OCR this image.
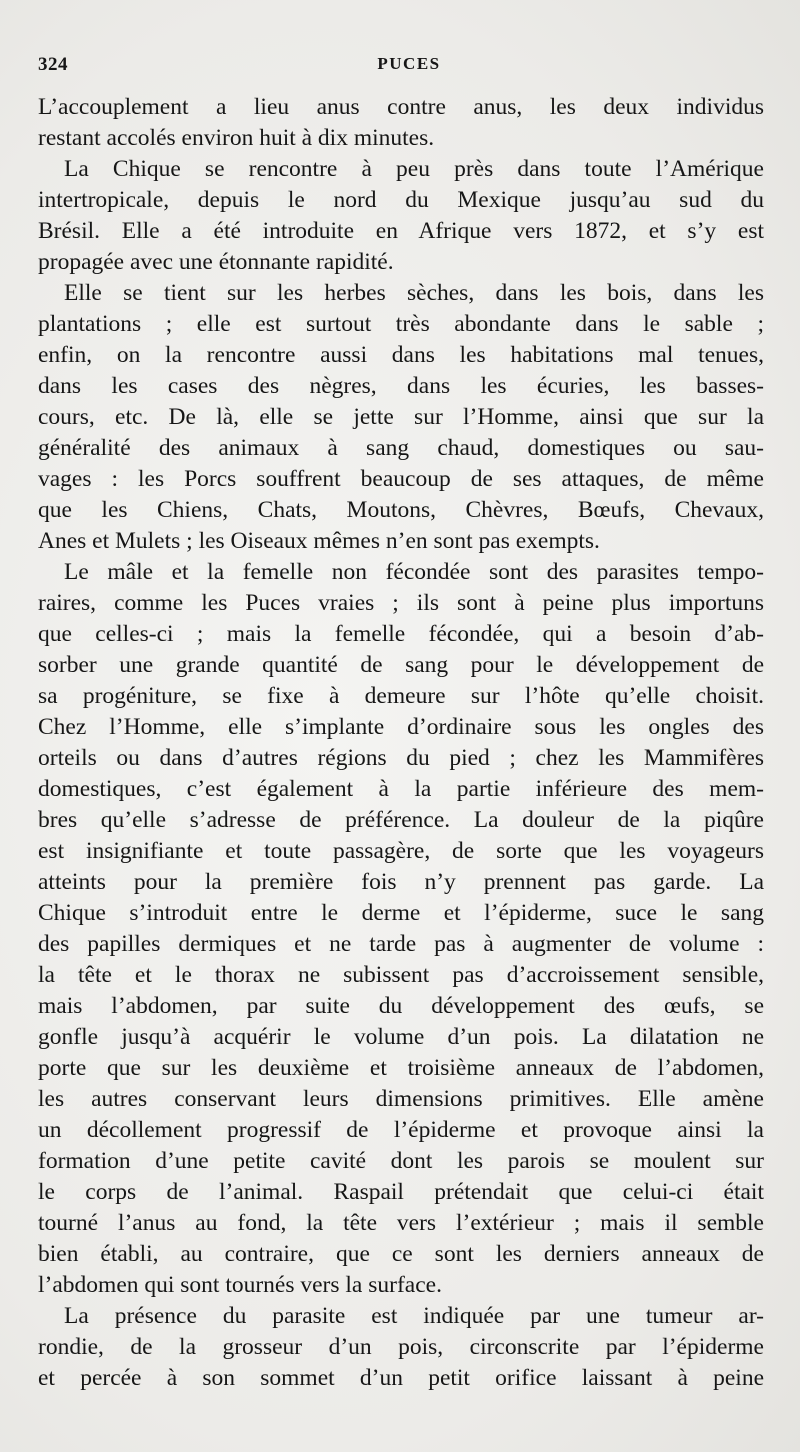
324	PUCES
L’accouplement a lieu anus contre anus, les deux individus
restant accolés environ huit à dix minutes.
La Chique se rencontre à peu près dans toute l’Amérique
intertropicale, depuis le nord du Mexique jusqu’au sud du
Brésil. Elle a été introduite en Afrique vers 1872, et s’y est
propagée avec une étonnante rapidité.
Elle se tient sur les herbes sèches, dans les bois, dans les
plantations ; elle est surtout très abondante dans le sable ;
enfin, on la rencontre aussi dans les habitations mal tenues,
dans les cases des nègres, dans les écuries, les basses-
cours, etc. De là, elle se jette sur l’Homme, ainsi que sur la
généralité des animaux à sang chaud, domestiques ou sau-
vages : les Porcs souffrent beaucoup de ses attaques, de même
que les Chiens, Chats, Moutons, Chèvres, Bœufs, Chevaux,
Anes et Mulets ; les Oiseaux mêmes n’en sont pas exempts.
Le mâle et la femelle non fécondée sont des parasites tempo-
raires, comme les Puces vraies ; ils sont à peine plus importuns
que celles-ci ; mais la femelle fécondée, qui a besoin d’ab-
sorber une grande quantité de sang pour le développement de
sa progéniture, se fixe à demeure sur l’hôte qu’elle choisit.
Chez l’Homme, elle s’implante d’ordinaire sous les ongles des
orteils ou dans d’autres régions du pied ; chez les Mammifères
domestiques, c’est également à la partie inférieure des mem-
bres qu’elle s’adresse de préférence. La douleur de la piqûre
est insignifiante et toute passagère, de sorte que les voyageurs
atteints pour la première fois n’y prennent pas garde. La
Chique s’introduit entre le derme et l’épiderme, suce le sang
des papilles dermiques et ne tarde pas à augmenter de volume :
la tête et le thorax ne subissent pas d’accroissement sensible,
mais l’abdomen, par suite du développement des œufs, se
gonfle jusqu’à acquérir le volume d’un pois. La dilatation ne
porte que sur les deuxième et troisième anneaux de l’abdomen,
les autres conservant leurs dimensions primitives. Elle amène
un décollement progressif de l’épiderme et provoque ainsi la
formation d’une petite cavité dont les parois se moulent sur
le corps de l’animal. Raspail prétendait que celui-ci était
tourné l’anus au fond, la tête vers l’extérieur ; mais il semble
bien établi, au contraire, que ce sont les derniers anneaux de
l’abdomen qui sont tournés vers la surface.
La présence du parasite est indiquée par une tumeur ar-
rondie, de la grosseur d’un pois, circonscrite par l’épiderme
et percée à son sommet d’un petit orifice laissant à peine
